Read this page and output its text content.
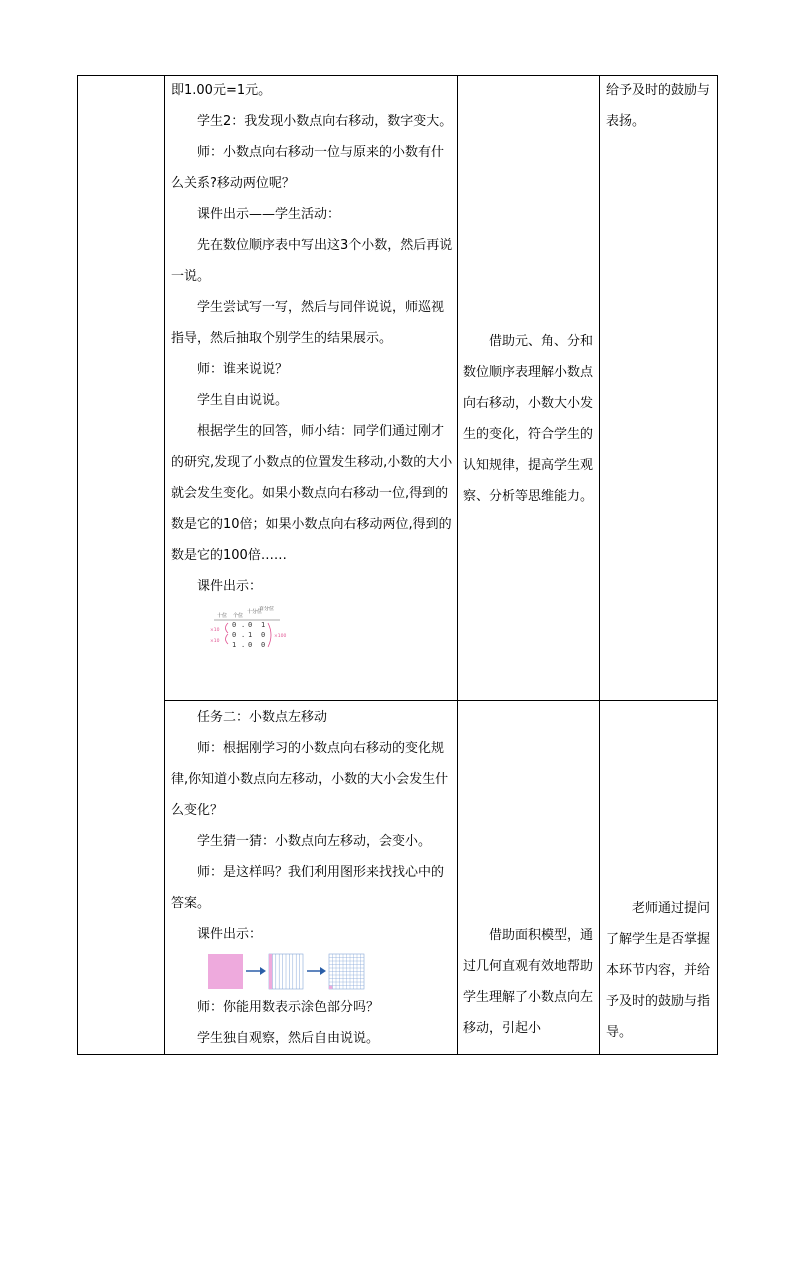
即1.00元=1元。

学生2：我发现小数点向右移动，数字变大。

师：小数点向右移动一位与原来的小数有什么关系?移动两位呢？

课件出示——学生活动：

先在数位顺序表中写出这3个小数，然后再说一说。

学生尝试写一写，然后与同伴说说，师巡视指导，然后抽取个别学生的结果展示。

师：谁来说说？

学生自由说说。

根据学生的回答，师小结：同学们通过刚才的研究,发现了小数点的位置发生移动,小数的大小就会发生变化。如果小数点向右移动一位,得到的数是它的10倍；如果小数点向右移动两位,得到的数是它的100倍……

课件出示：

十位 个位
十分位
百分位
0 . 0 1
0 . 1 0
1 . 0 0
×10
×10
×100

借助元、角、分和数位顺序表理解小数点向右移动，小数大小发生的变化，符合学生的认知规律，提高学生观察、分析等思维能力。

给予及时的鼓励与表扬。

任务二：小数点左移动

师：根据刚学习的小数点向右移动的变化规律,你知道小数点向左移动，小数的大小会发生什么变化？

学生猜一猜：小数点向左移动，会变小。

师：是这样吗？我们利用图形来找找心中的答案。

课件出示：

师：你能用数表示涂色部分吗？

学生独自观察，然后自由说说。

借助面积模型，通过几何直观有效地帮助学生理解了小数点向左移动，引起小

老师通过提问了解学生是否掌握本环节内容，并给予及时的鼓励与指导。
